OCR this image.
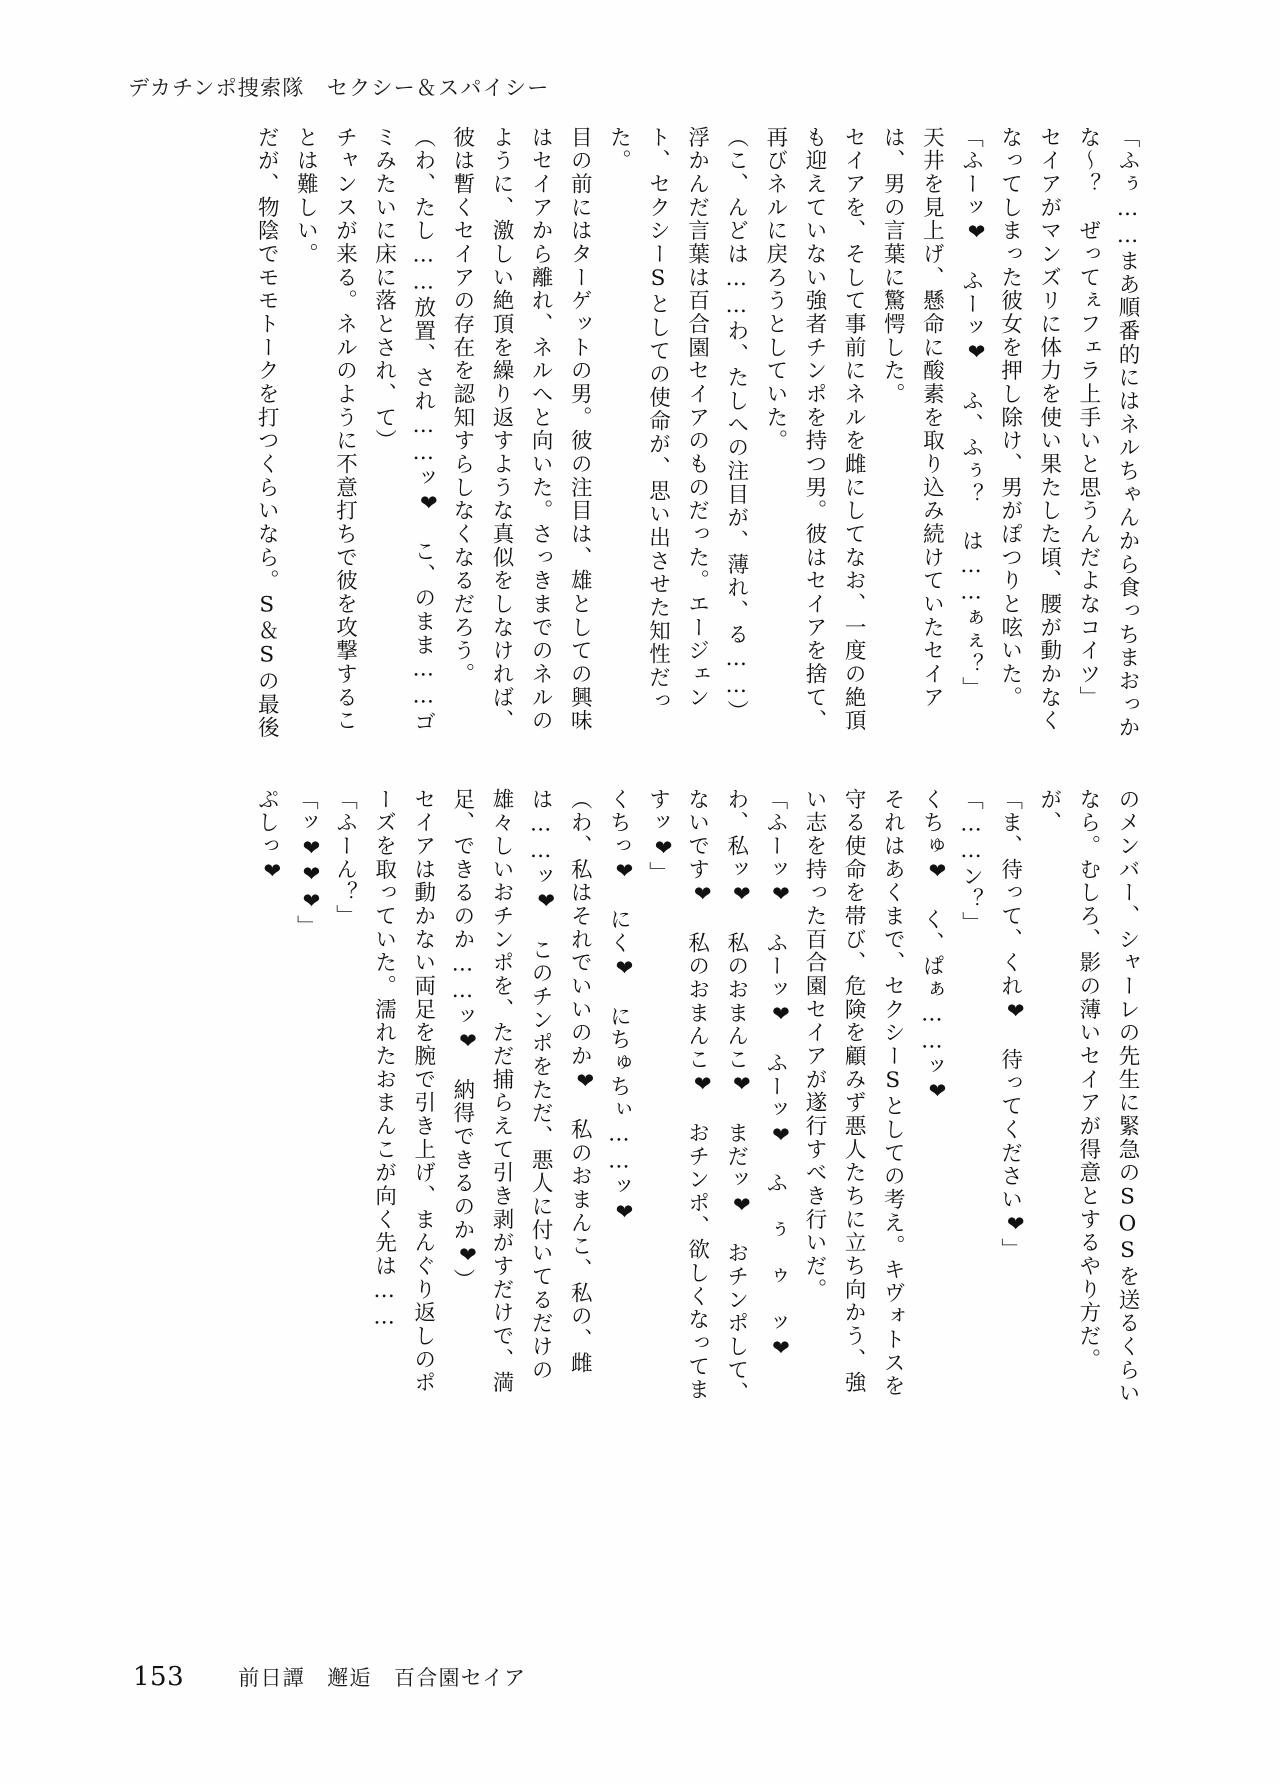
デカチンポ捜索隊　セクシー＆スパイシー

「ふぅ……まあ順番的にはネルちゃんから食っちまおっかな～？　ぜってぇフェラ上手いと思うんだよなコイツ」

セイアがマンズリに体力を使い果たした頃、腰が動かなくなってしまった彼女を押し除け、男がぽつりと呟いた。

「ふーッ❤　ふーッ❤　ふ、ふぅ？　は……ぁぇ？」

天井を見上げ、懸命に酸素を取り込み続けていたセイアは、男の言葉に驚愕した。

セイアを、そして事前にネルを雌にしてなお、一度の絶頂も迎えていない強者チンポを持つ男。彼はセイアを捨て、再びネルに戻ろうとしていた。

（こ、んどは……わ、たしへの注目が、薄れ、る……）

浮かんだ言葉は百合園セイアのものだった。エージェント、セクシーSとしての使命が、思い出させた知性だった。

目の前にはターゲットの男。彼の注目は、雄としての興味はセイアから離れ、ネルへと向いた。さっきまでのネルのように、激しい絶頂を繰り返すような真似をしなければ、彼は暫くセイアの存在を認知すらしなくなるだろう。

（わ、たし……放置、され……ッ❤　こ、のまま……ゴミみたいに床に落とされ、て）

チャンスが来る。ネルのように不意打ちで彼を攻撃することは難しい。

だが、物陰でモモトークを打つくらいなら。S＆Sの最後

のメンバー、シャーレの先生に緊急のSOSを送るくらいなら。むしろ、影の薄いセイアが得意とするやり方だ。

が、

「ま、待って、くれ❤　待ってください❤」

「……ン？」

くちゅ❤　く、ぱぁ……ッ❤

それはあくまで、セクシーSとしての考え。キヴォトスを守る使命を帯び、危険を顧みず悪人たちに立ち向かう、強い志を持った百合園セイアが遂行すべき行いだ。

「ふーッ❤　ふーッ❤　ふーッ❤　ふ　ぅ　ゥ　ッ❤　わ、私ッ❤　私のおまんこ❤　まだッ❤　おチンポして、ないです❤　私のおまんこ❤　おチンポ、欲しくなってますッ❤」

くちっ❤　にく❤　にちゅちぃ……ッ❤

（わ、私はそれでいいのか❤　私のおまんこ、私の、雌は……ッ❤　このチンポをただ、悪人に付いてるだけの雄々しいおチンポを、ただ捕らえて引き剥がすだけで、満足、できるのか……ッ❤　納得できるのか❤）

セイアは動かない両足を腕で引き上げ、まんぐり返しのポーズを取っていた。濡れたおまんこが向く先は……

「ふーん？」

「ッ❤❤❤」

ぷしっ❤

153	前日譚　邂逅　百合園セイア
